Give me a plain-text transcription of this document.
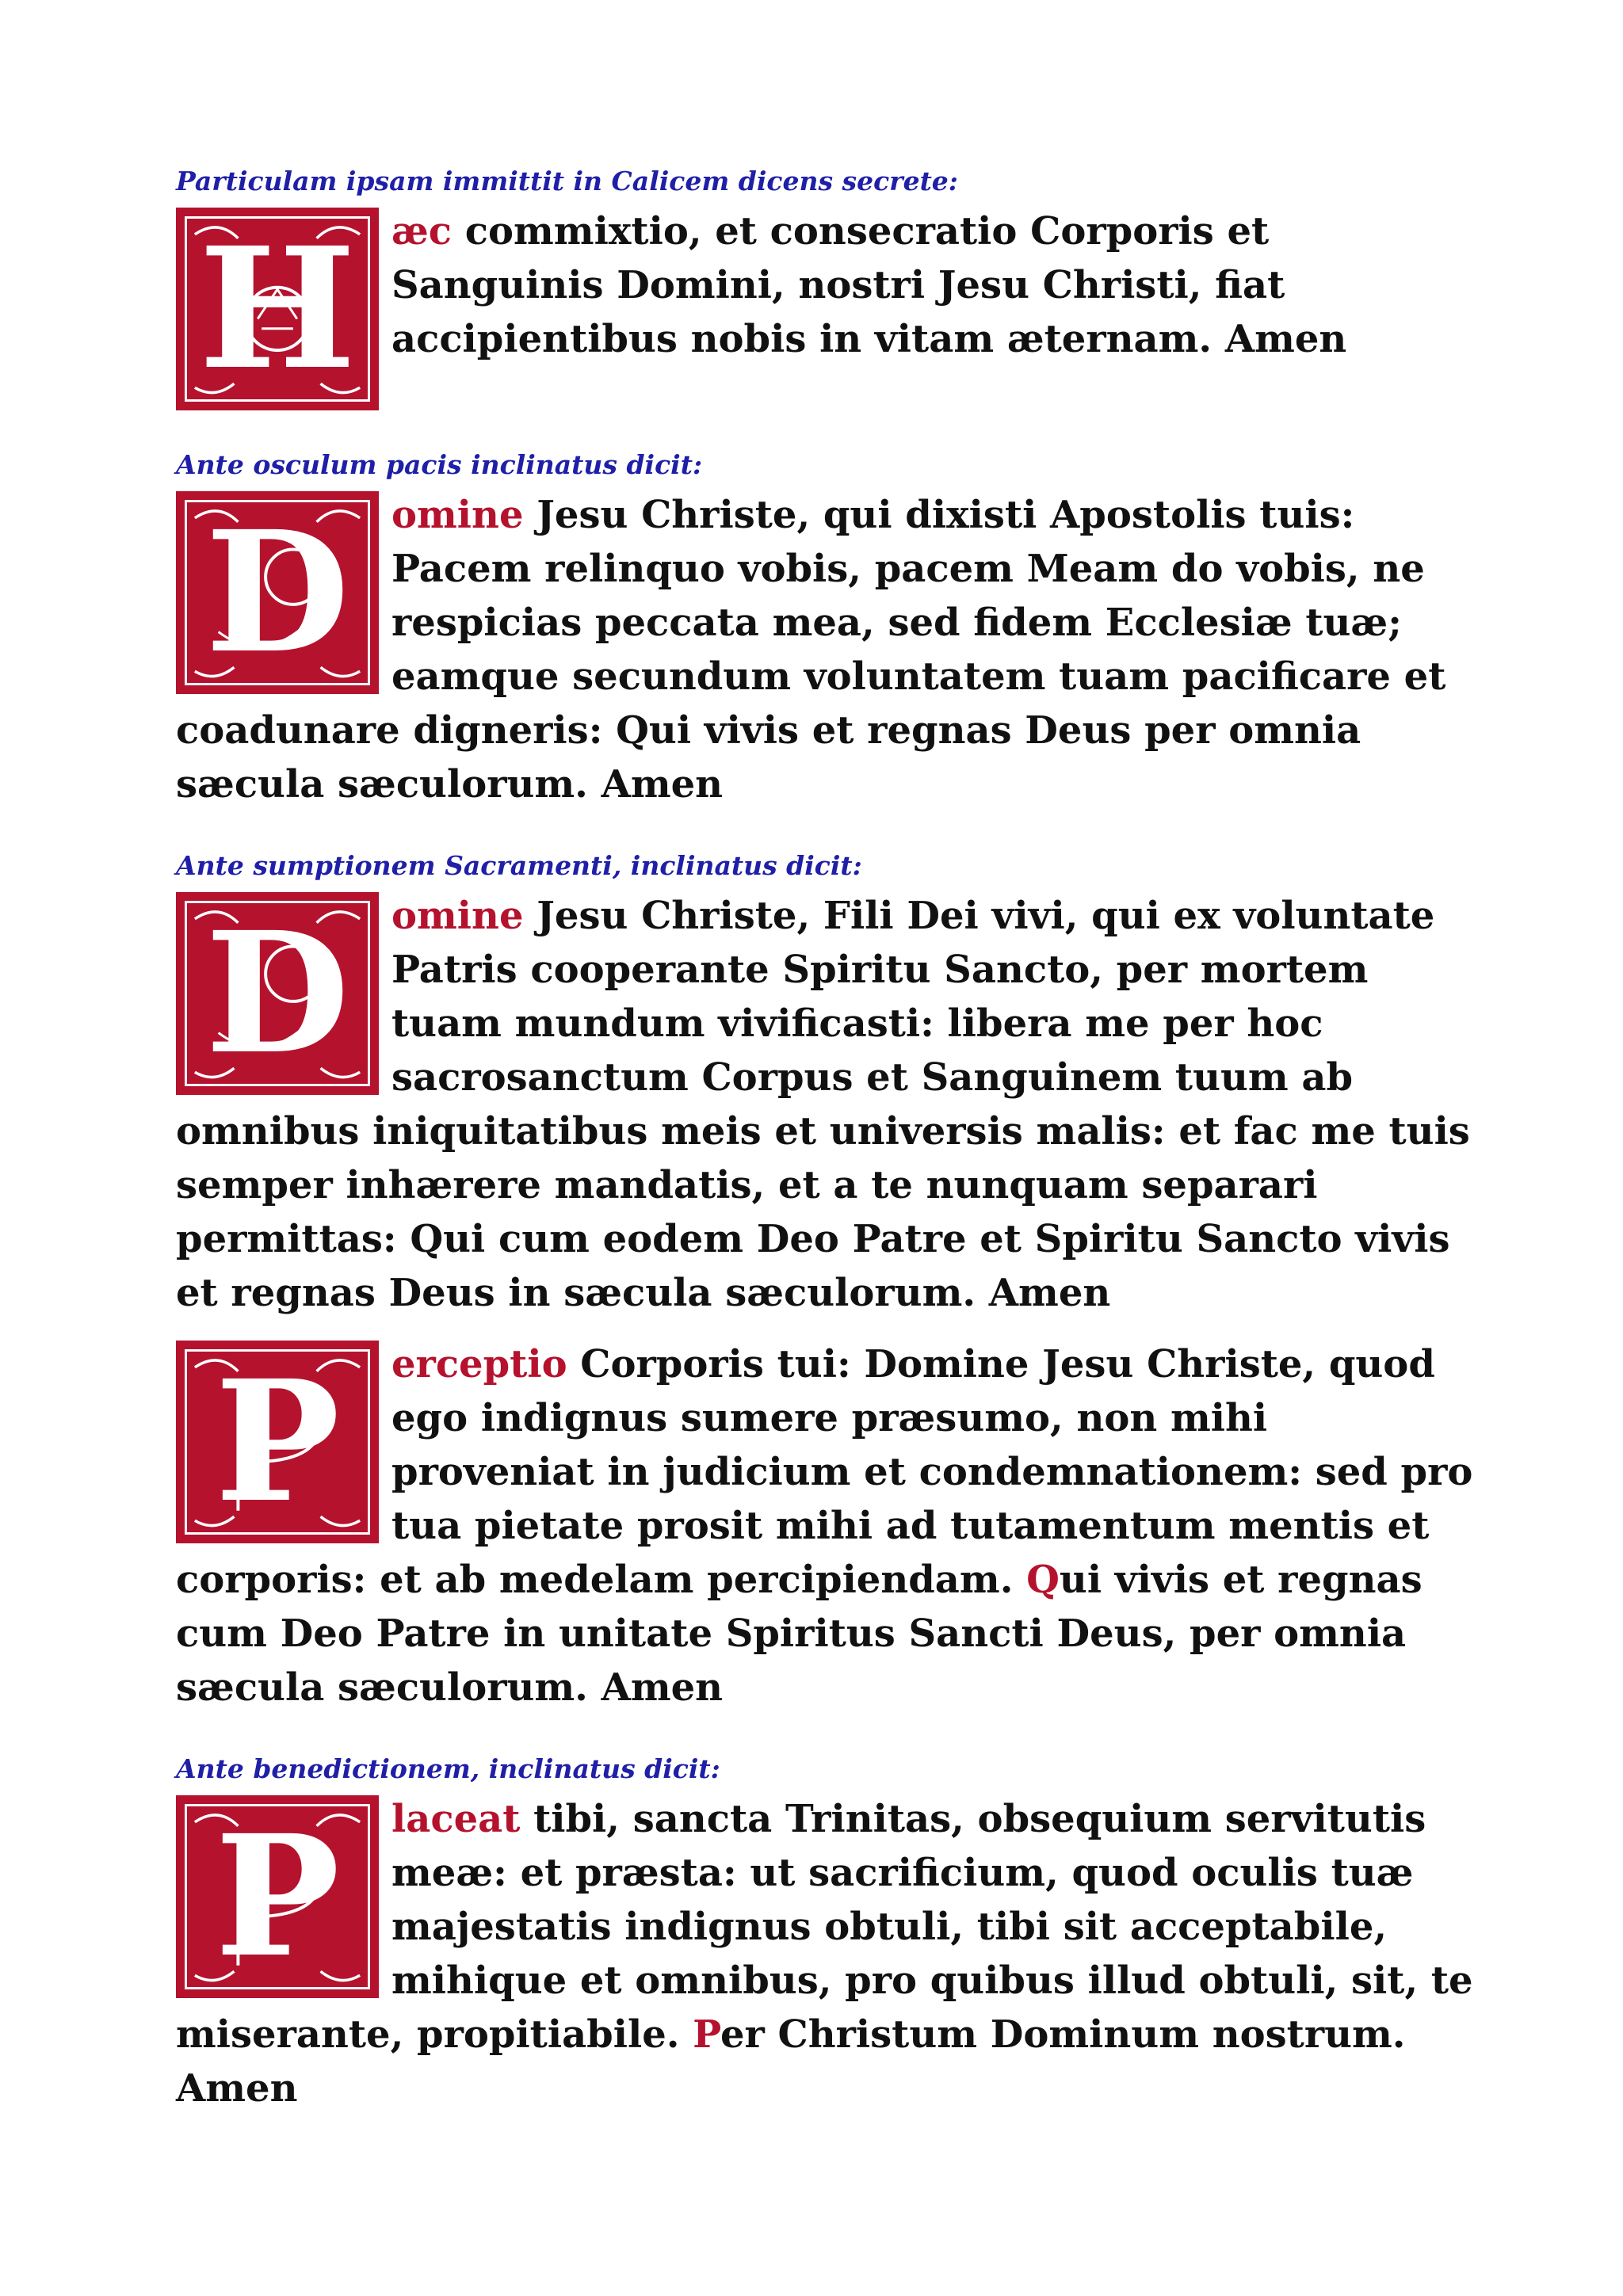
Particulam ipsam immittit in Calicem dicens secrete:
H æc commixtio, et consecratio Corporis et Sanguinis Domini, nostri Jesu Christi, fiat accipientibus nobis in vitam æternam. Amen
Ante osculum pacis inclinatus dicit:
D	omine Jesu Christe, qui dixisti Apostolis tuis: Pacem relinquo vobis, pacem Meam do vobis, ne respicias peccata mea, sed fidem Ecclesiæ tuæ; eamque secundum voluntatem tuam pacificare et coadunare digneris: Qui vivis et regnas Deus per omnia sæcula sæculorum. Amen
Ante sumptionem Sacramenti, inclinatus dicit:
D	omine Jesu Christe, Fili Dei vivi, qui ex voluntate Patris cooperante Spiritu Sancto, per mortem tuam mundum vivificasti: libera me per hoc sacrosanctum Corpus et Sanguinem tuum ab omnibus iniquitatibus meis et universis malis: et fac me tuis semper inhærere mandatis, et a te nunquam separari permittas: Qui cum eodem Deo Patre et Spiritu Sancto vivis et regnas Deus in sæcula sæculorum. Amen
P	erceptio Corporis tui: Domine Jesu Christe, quod ego indignus sumere præsumo, non mihi proveniat in judicium et condemnationem: sed pro tua pietate prosit mihi ad tutamentum mentis et corporis: et ab medelam percipiendam. Qui vivis et regnas cum Deo Patre in unitate Spiritus Sancti Deus, per omnia sæcula sæculorum. Amen
Ante benedictionem, inclinatus dicit:
P	laceat tibi, sancta Trinitas, obsequium servitutis meæ: et præsta: ut sacrificium, quod oculis tuæ majestatis indignus obtuli, tibi sit acceptabile, mihique et omnibus, pro quibus illud obtuli, sit, te miserante, propitiabile. Per Christum Dominum nostrum. Amen
